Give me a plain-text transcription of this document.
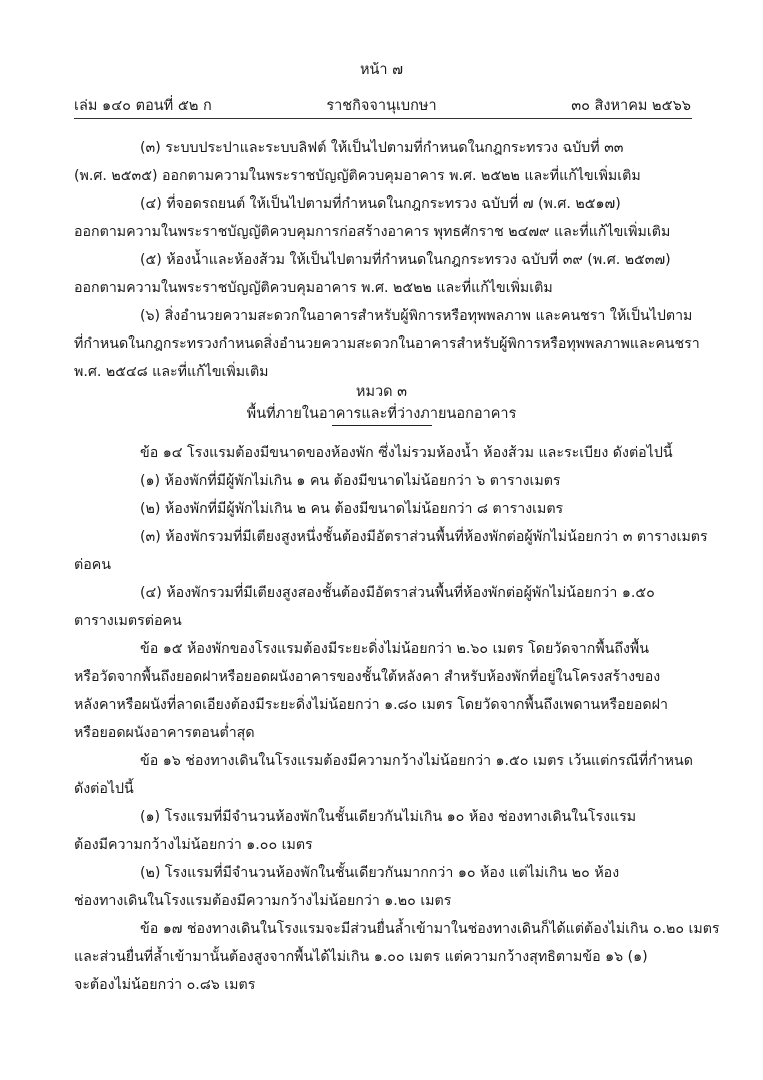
หน้า ๗
เล่ม ๑๔๐ ตอนที่ ๕๒ ก	ราชกิจจานุเบกษา	๓๐ สิงหาคม ๒๕๖๖
(๓) ระบบประปาและระบบลิฟต์ ให้เป็นไปตามที่กำหนดในกฎกระทรวง ฉบับที่ ๓๓
(พ.ศ. ๒๕๓๕) ออกตามความในพระราชบัญญัติควบคุมอาคาร พ.ศ. ๒๕๒๒ และที่แก้ไขเพิ่มเติม
(๔) ที่จอดรถยนต์ ให้เป็นไปตามที่กำหนดในกฎกระทรวง ฉบับที่ ๗ (พ.ศ. ๒๕๑๗)
ออกตามความในพระราชบัญญัติควบคุมการก่อสร้างอาคาร พุทธศักราช ๒๔๗๙ และที่แก้ไขเพิ่มเติม
(๕) ห้องน้ำและห้องส้วม ให้เป็นไปตามที่กำหนดในกฎกระทรวง ฉบับที่ ๓๙ (พ.ศ. ๒๕๓๗)
ออกตามความในพระราชบัญญัติควบคุมอาคาร พ.ศ. ๒๕๒๒ และที่แก้ไขเพิ่มเติม
(๖) สิ่งอำนวยความสะดวกในอาคารสำหรับผู้พิการหรือทุพพลภาพ และคนชรา ให้เป็นไปตาม
ที่กำหนดในกฎกระทรวงกำหนดสิ่งอำนวยความสะดวกในอาคารสำหรับผู้พิการหรือทุพพลภาพและคนชรา
พ.ศ. ๒๕๔๘ และที่แก้ไขเพิ่มเติม
หมวด ๓
พื้นที่ภายในอาคารและที่ว่างภายนอกอาคาร
ข้อ ๑๔ โรงแรมต้องมีขนาดของห้องพัก ซึ่งไม่รวมห้องน้ำ ห้องส้วม และระเบียง ดังต่อไปนี้
(๑) ห้องพักที่มีผู้พักไม่เกิน ๑ คน ต้องมีขนาดไม่น้อยกว่า ๖ ตารางเมตร
(๒) ห้องพักที่มีผู้พักไม่เกิน ๒ คน ต้องมีขนาดไม่น้อยกว่า ๘ ตารางเมตร
(๓) ห้องพักรวมที่มีเตียงสูงหนึ่งชั้นต้องมีอัตราส่วนพื้นที่ห้องพักต่อผู้พักไม่น้อยกว่า ๓ ตารางเมตร
ต่อคน
(๔) ห้องพักรวมที่มีเตียงสูงสองชั้นต้องมีอัตราส่วนพื้นที่ห้องพักต่อผู้พักไม่น้อยกว่า ๑.๕๐
ตารางเมตรต่อคน
ข้อ ๑๕ ห้องพักของโรงแรมต้องมีระยะดิ่งไม่น้อยกว่า ๒.๖๐ เมตร โดยวัดจากพื้นถึงพื้น
หรือวัดจากพื้นถึงยอดฝาหรือยอดผนังอาคารของชั้นใต้หลังคา สำหรับห้องพักที่อยู่ในโครงสร้างของ
หลังคาหรือผนังที่ลาดเอียงต้องมีระยะดิ่งไม่น้อยกว่า ๑.๘๐ เมตร โดยวัดจากพื้นถึงเพดานหรือยอดฝา
หรือยอดผนังอาคารตอนต่ำสุด
ข้อ ๑๖ ช่องทางเดินในโรงแรมต้องมีความกว้างไม่น้อยกว่า ๑.๕๐ เมตร เว้นแต่กรณีที่กำหนด
ดังต่อไปนี้
(๑) โรงแรมที่มีจำนวนห้องพักในชั้นเดียวกันไม่เกิน ๑๐ ห้อง ช่องทางเดินในโรงแรม
ต้องมีความกว้างไม่น้อยกว่า ๑.๐๐ เมตร
(๒) โรงแรมที่มีจำนวนห้องพักในชั้นเดียวกันมากกว่า ๑๐ ห้อง แต่ไม่เกิน ๒๐ ห้อง
ช่องทางเดินในโรงแรมต้องมีความกว้างไม่น้อยกว่า ๑.๒๐ เมตร
ข้อ ๑๗ ช่องทางเดินในโรงแรมจะมีส่วนยื่นล้ำเข้ามาในช่องทางเดินก็ได้แต่ต้องไม่เกิน ๐.๒๐ เมตร
และส่วนยื่นที่ล้ำเข้ามานั้นต้องสูงจากพื้นได้ไม่เกิน ๑.๐๐ เมตร แต่ความกว้างสุทธิตามข้อ ๑๖ (๑)
จะต้องไม่น้อยกว่า ๐.๘๖ เมตร
